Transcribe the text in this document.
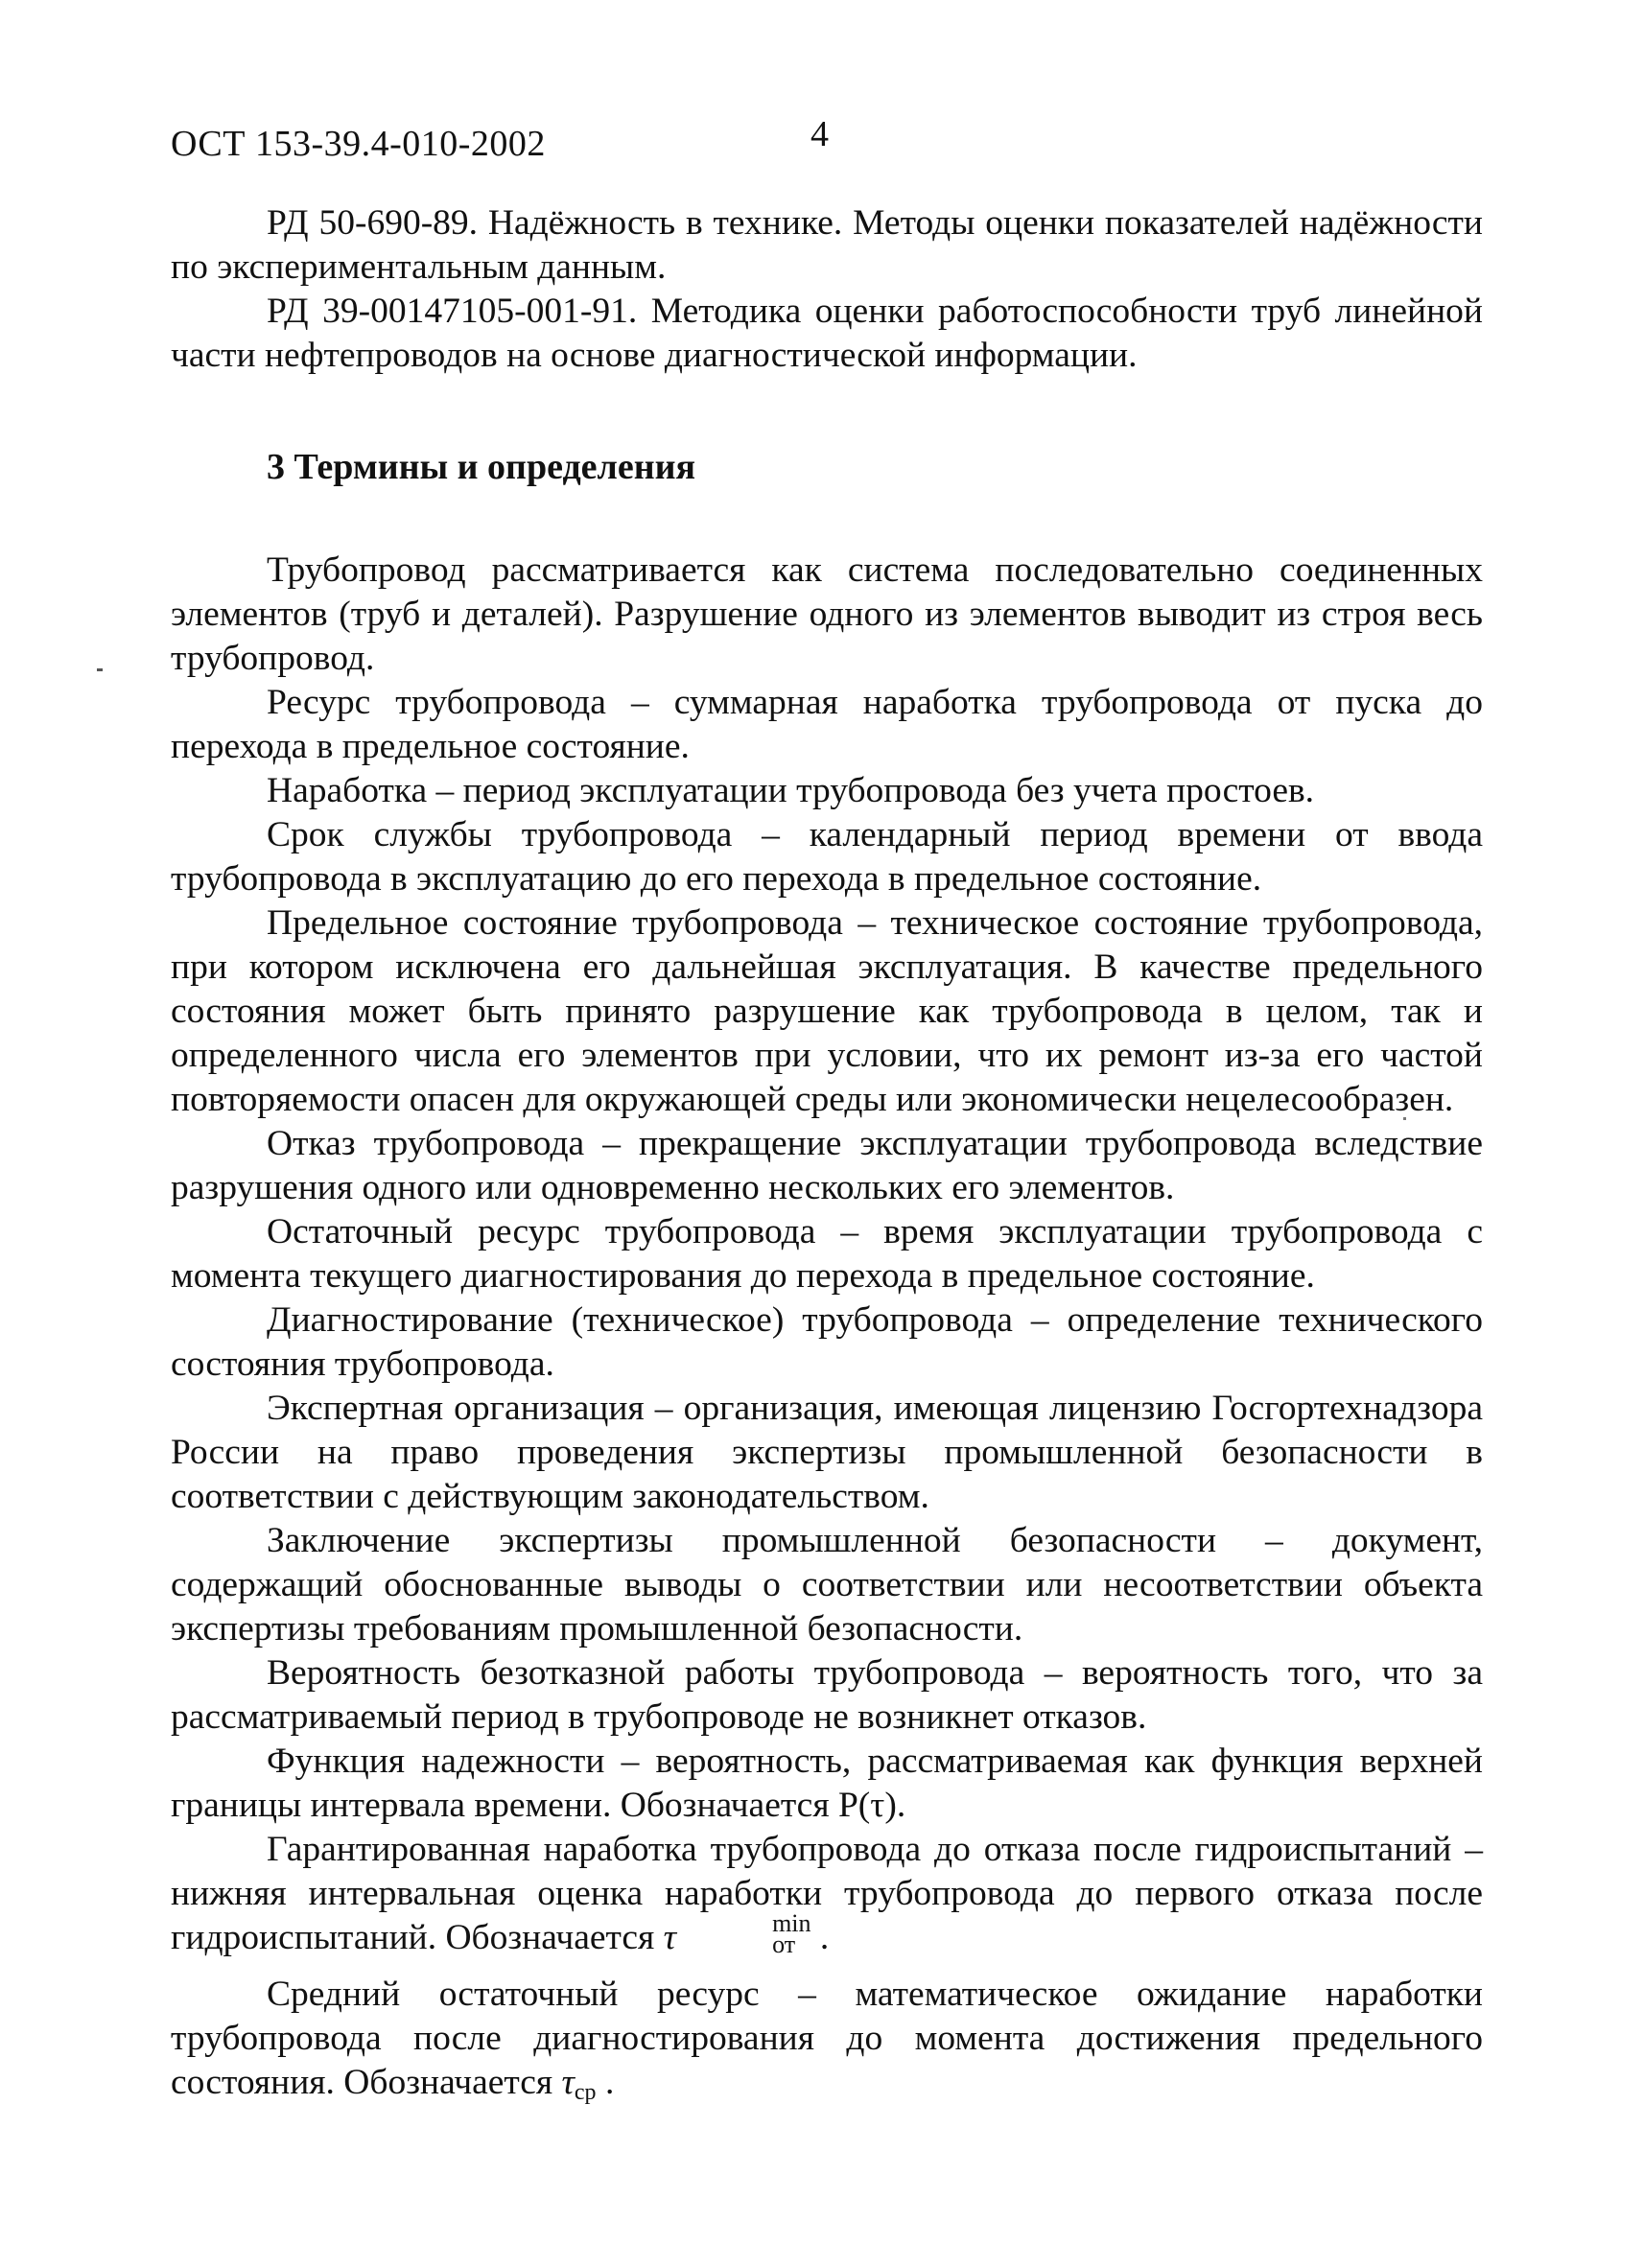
ОСТ 153-39.4-010-2002	4

РД 50-690-89. Надёжность в технике. Методы оценки показателей надёжности по экспериментальным данным.

РД 39-00147105-001-91. Методика оценки работоспособности труб линейной части нефтепроводов на основе диагностической информации.

3 Термины и определения

Трубопровод рассматривается как система последовательно соединенных элементов (труб и деталей). Разрушение одного из элементов выводит из строя весь трубопровод.

Ресурс трубопровода – суммарная наработка трубопровода от пуска до перехода в предельное состояние.

Наработка – период эксплуатации трубопровода без учета простоев.

Срок службы трубопровода – календарный период времени от ввода трубопровода в эксплуатацию до его перехода в предельное состояние.

Предельное состояние трубопровода – техническое состояние трубопровода, при котором исключена его дальнейшая эксплуатация. В качестве предельного состояния может быть принято разрушение как трубопровода в целом, так и определенного числа его элементов при условии, что их ремонт из-за его частой повторяемости опасен для окружающей среды или экономически нецелесообразен.

Отказ трубопровода – прекращение эксплуатации трубопровода вследствие разрушения одного или одновременно нескольких его элементов.

Остаточный ресурс трубопровода – время эксплуатации трубопровода с момента текущего диагностирования до перехода в предельное состояние.

Диагностирование (техническое) трубопровода – определение технического состояния трубопровода.

Экспертная организация – организация, имеющая лицензию Госгортехнадзора России на право проведения экспертизы промышленной безопасности в соответствии с действующим законодательством.

Заключение экспертизы промышленной безопасности – документ, содержащий обоснованные выводы о соответствии или несоответствии объекта экспертизы требованиям промышленной безопасности.

Вероятность безотказной работы трубопровода – вероятность того, что за рассматриваемый период в трубопроводе не возникнет отказов.

Функция надежности – вероятность, рассматриваемая как функция верхней границы интервала времени. Обозначается P(τ).

Гарантированная наработка трубопровода до отказа после гидроиспытаний – нижняя интервальная оценка наработки трубопровода до первого отказа после гидроиспытаний. Обозначается τ	min
от .

Средний остаточный ресурс – математическое ожидание наработки трубопровода после диагностирования до момента достижения предельного состояния. Обозначается τср .
